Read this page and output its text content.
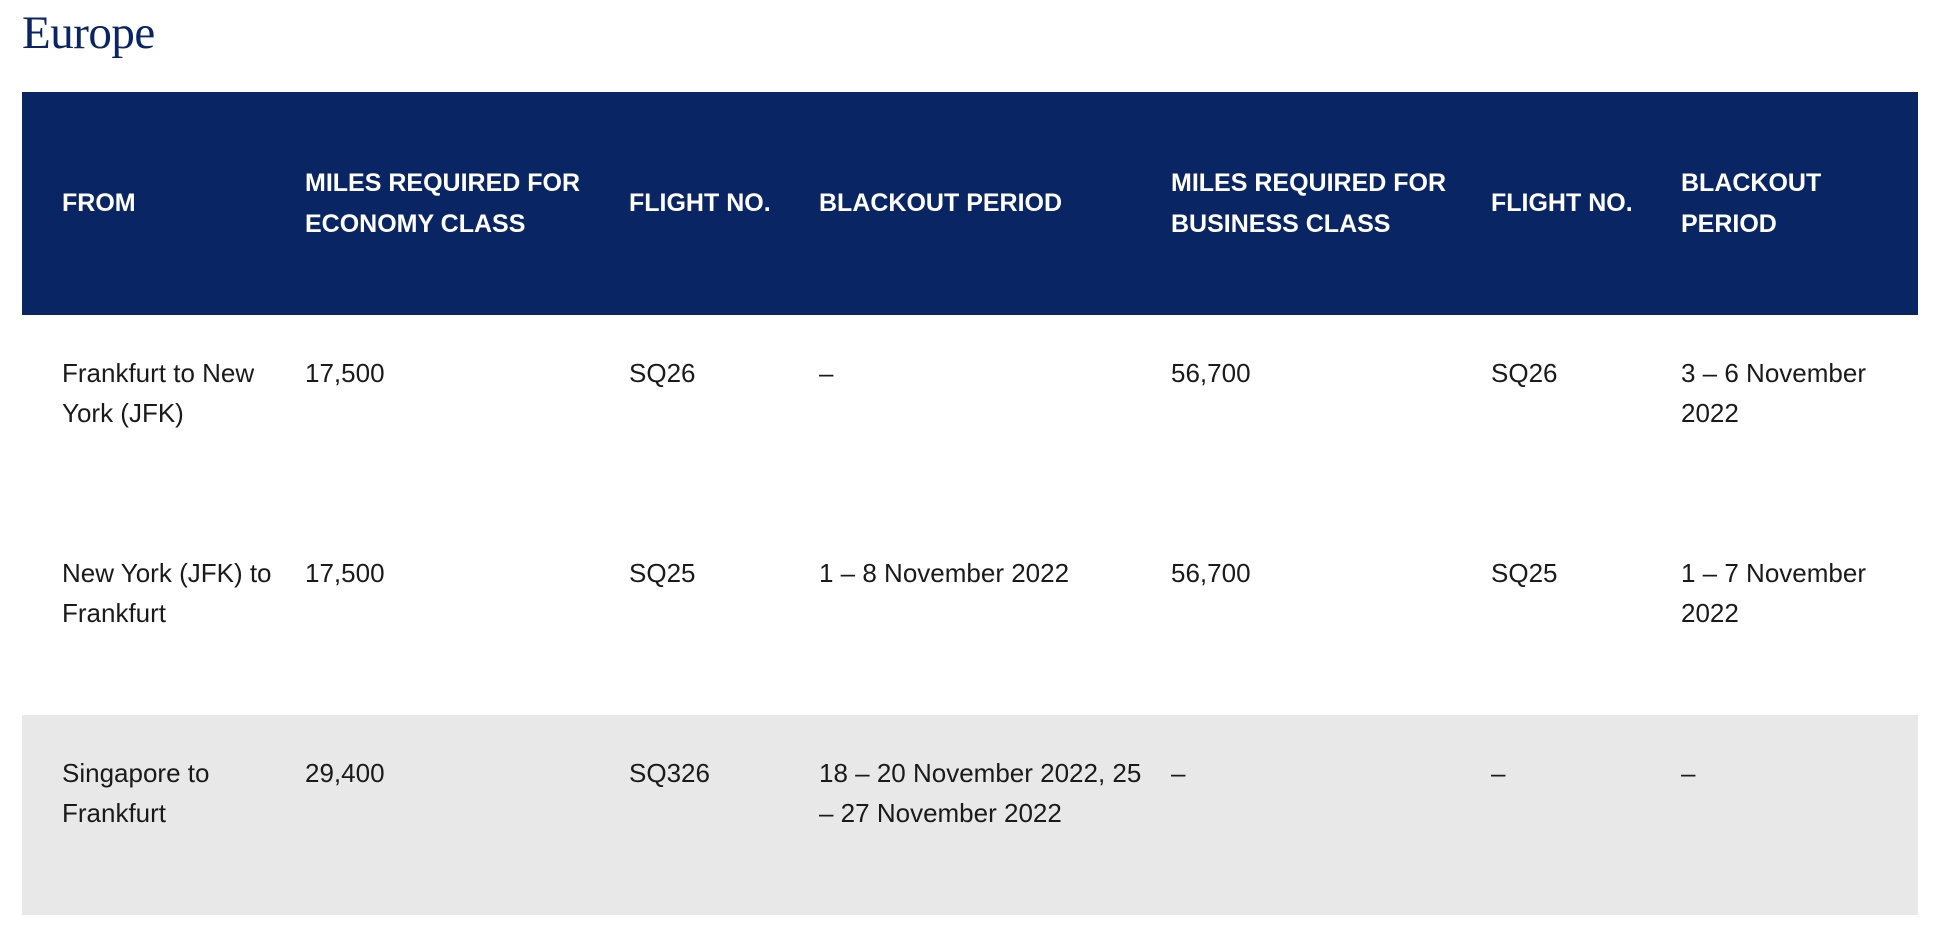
Europe
FROM	MILES REQUIRED FOR ECONOMY CLASS	FLIGHT NO.	BLACKOUT PERIOD	MILES REQUIRED FOR BUSINESS CLASS	FLIGHT NO.	BLACKOUT PERIOD
Frankfurt to New York (JFK)	17,500	SQ26	–	56,700	SQ26	3 – 6 November 2022
New York (JFK) to Frankfurt	17,500	SQ25	1 – 8 November 2022	56,700	SQ25	1 – 7 November 2022
Singapore to Frankfurt	29,400	SQ326	18 – 20 November 2022, 25 – 27 November 2022	–	–	–
